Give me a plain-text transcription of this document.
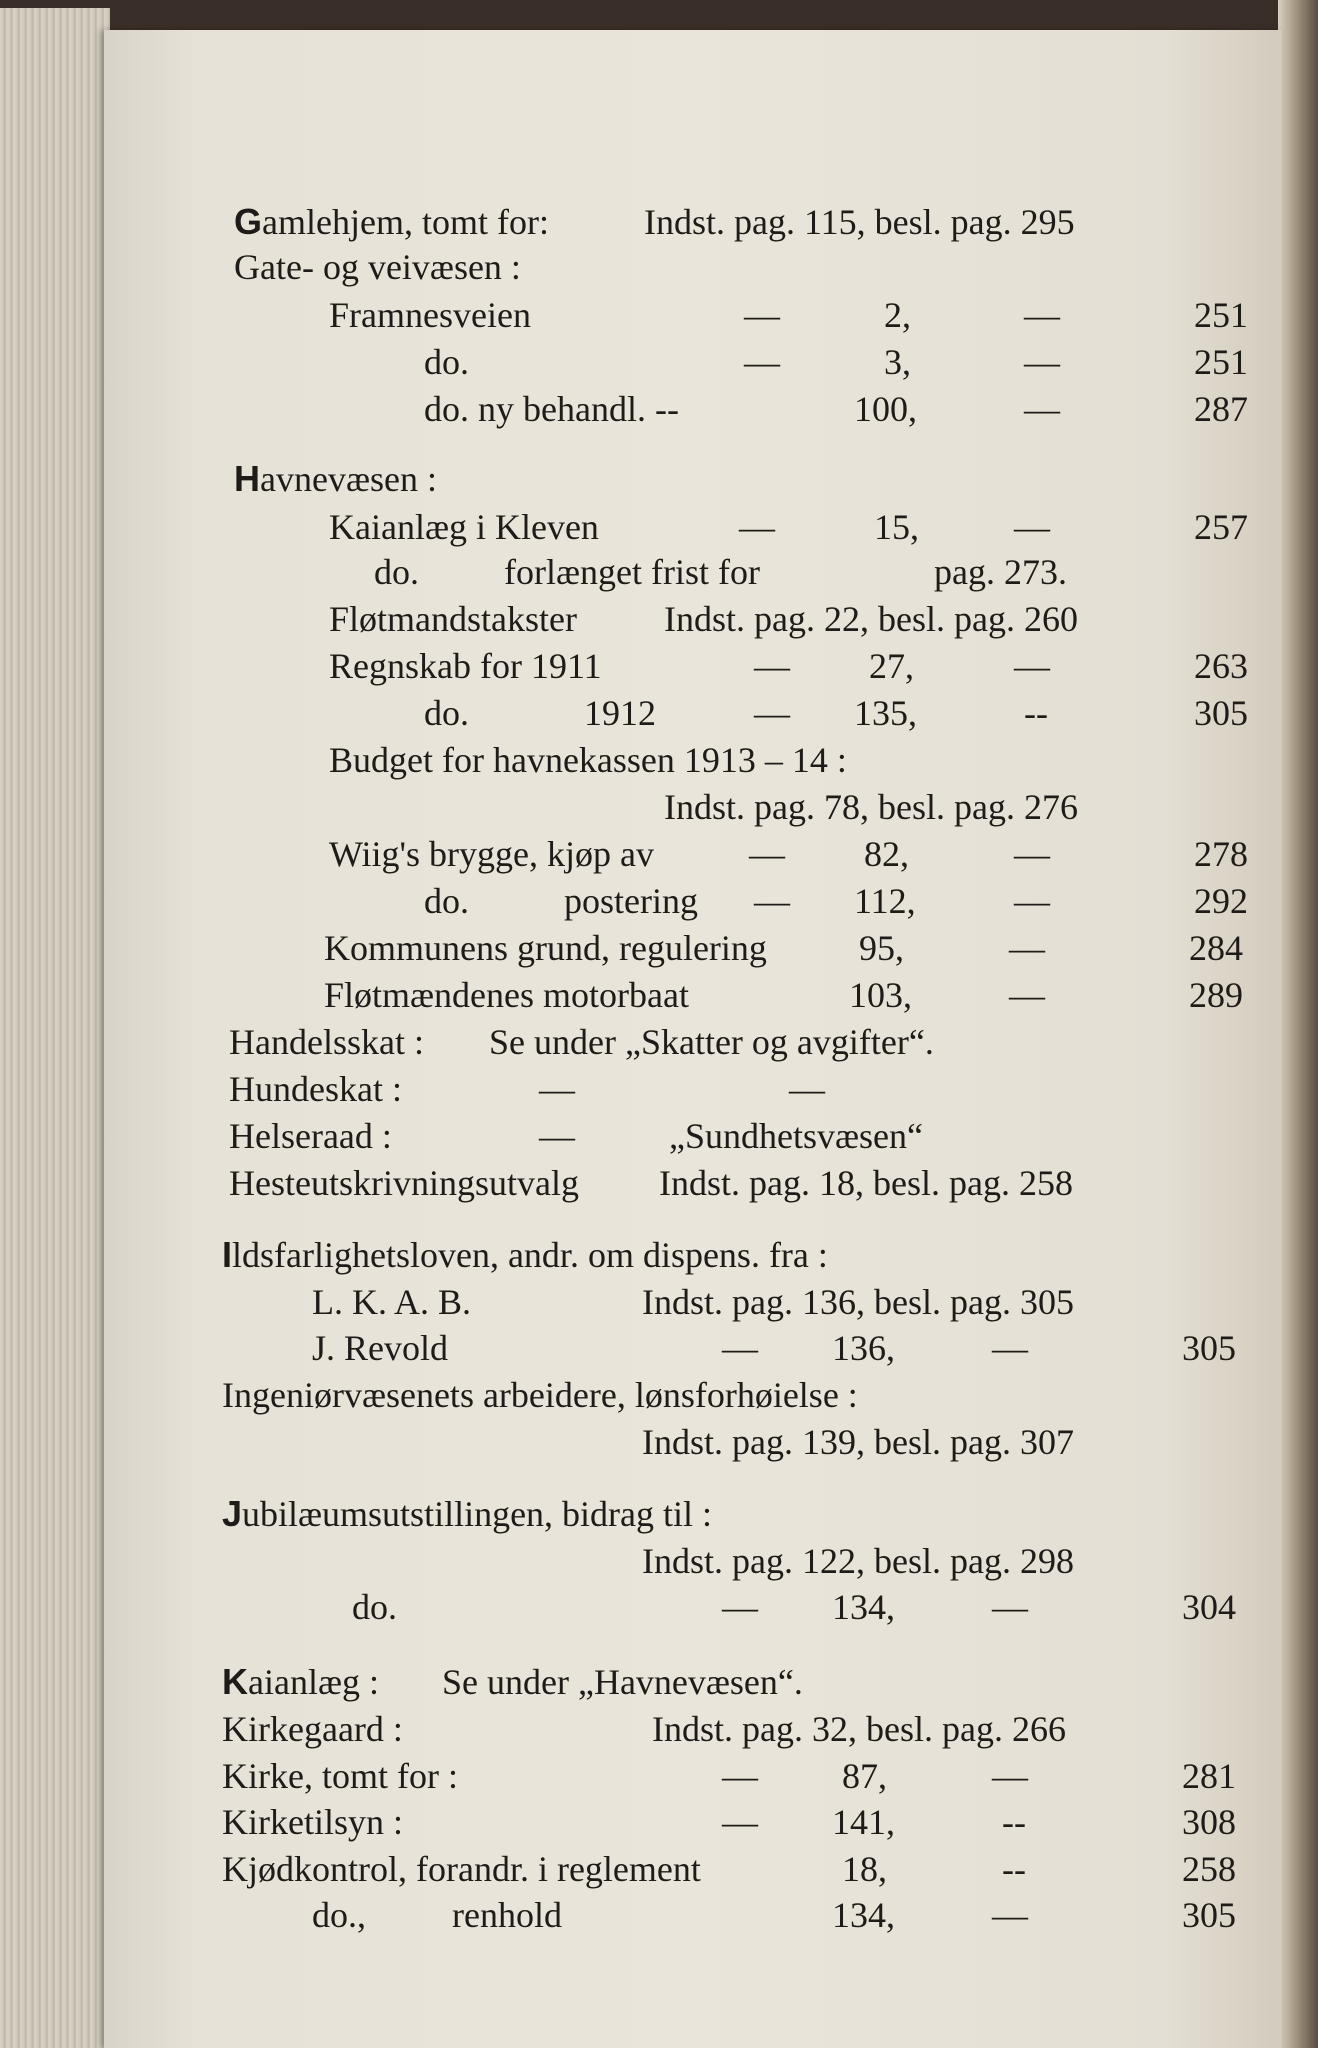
Gamlehjem, tomt for:	Indst. pag. 115, besl. pag. 295
Gate- og veivæsen :
Framnesveien	—	2,	—	251
do.	—	3,	—	251
do. ny behandl. --	100,	—	287
Havnevæsen :
Kaianlæg i Kleven	—	15,	—	257
do. forlænget frist for	pag. 273.
Fløtmandstakster Indst. pag. 22, besl. pag. 260
Regnskab for 1911	— 27,	—	263
do.	1912	— 135,	--	305
Budget for havnekassen 1913 – 14 :
Indst. pag. 78, besl. pag. 276
Wiig's brygge, kjøp av	— 82,	—	278
do.	postering — 112,	—	292
Kommunens grund, regulering	95,	—	284
Fløtmændenes motorbaat	103,	—	289
Handelsskat : Se under „Skatter og avgifter“.
Hundeskat :	—	—
Helseraad :	—	„Sundhetsvæsen“
Hesteutskrivningsutvalg Indst. pag. 18, besl. pag. 258
Ildsfarlighetsloven, andr. om dispens. fra :
L. K. A. B.	Indst. pag. 136, besl. pag. 305
J. Revold	— 136,	—	305
Ingeniørvæsenets arbeidere, lønsforhøielse :
Indst. pag. 139, besl. pag. 307
Jubilæumsutstillingen, bidrag til :
Indst. pag. 122, besl. pag. 298
do.	— 134,	—	304
Kaianlæg : Se under „Havnevæsen“.
Kirkegaard :	Indst. pag. 32, besl. pag. 266
Kirke, tomt for :	— 87,	—	281
Kirketilsyn :	— 141,	--	308
Kjødkontrol, forandr. i reglement	18,	--	258
do., renhold	134,	—	305
